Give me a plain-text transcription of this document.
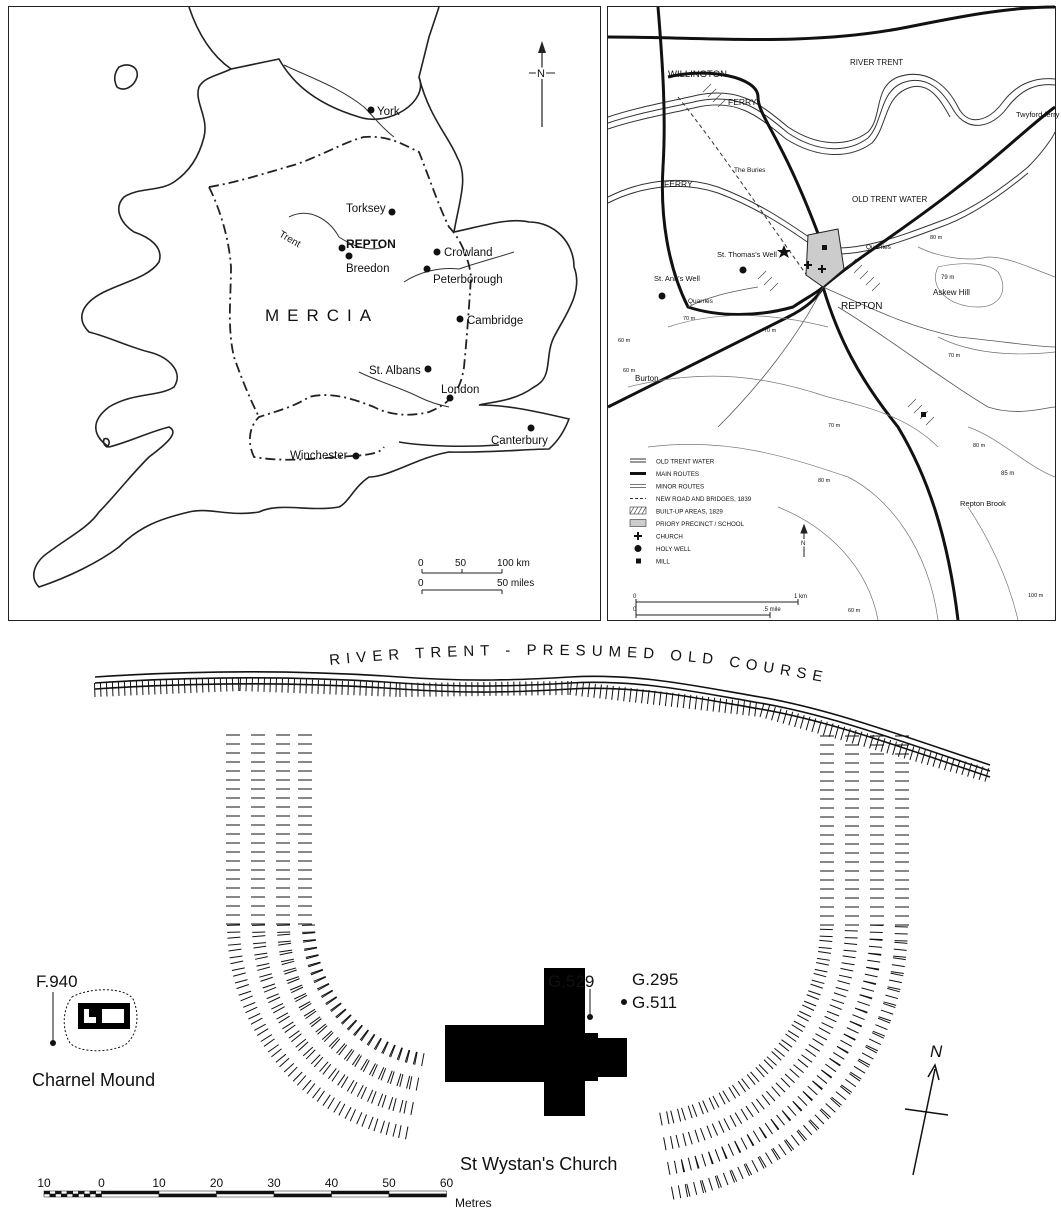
N
MERCIA
Trent
York
Torksey
REPTON
Breedon
Crowland
Peterborough
Cambridge
St. Albans
London
Canterbury
Winchester
0	50	100 km
0	50 miles
WILLINGTON
RIVER TRENT
FERRY
FERRY
Twyford ferry
The Buries
OLD TRENT WATER
Quarries
Quarries
St. Thomas's Well
St. Ann's Well
REPTON
Askew Hill
Burton
Repton Brook
79 m
85 m
80 m
70 m
60 m
70 m
60 m
70 m
80 m
70 m
80 m
60 m
100 m
OLD TRENT WATER
MAIN ROUTES
MINOR ROUTES
NEW ROAD AND BRIDGES, 1839
BUILT-UP AREAS, 1829
PRIORY PRECINCT / SCHOOL
CHURCH
HOLY WELL
MILL
N
0	1 km
0	.5 mile
RIVER TRENT - PRESUMED OLD COURSE
F.940
Charnel Mound
G.529 G.295
G.511
St Wystan's Church
N
10	0	10	20	30	40	50	60
Metres
